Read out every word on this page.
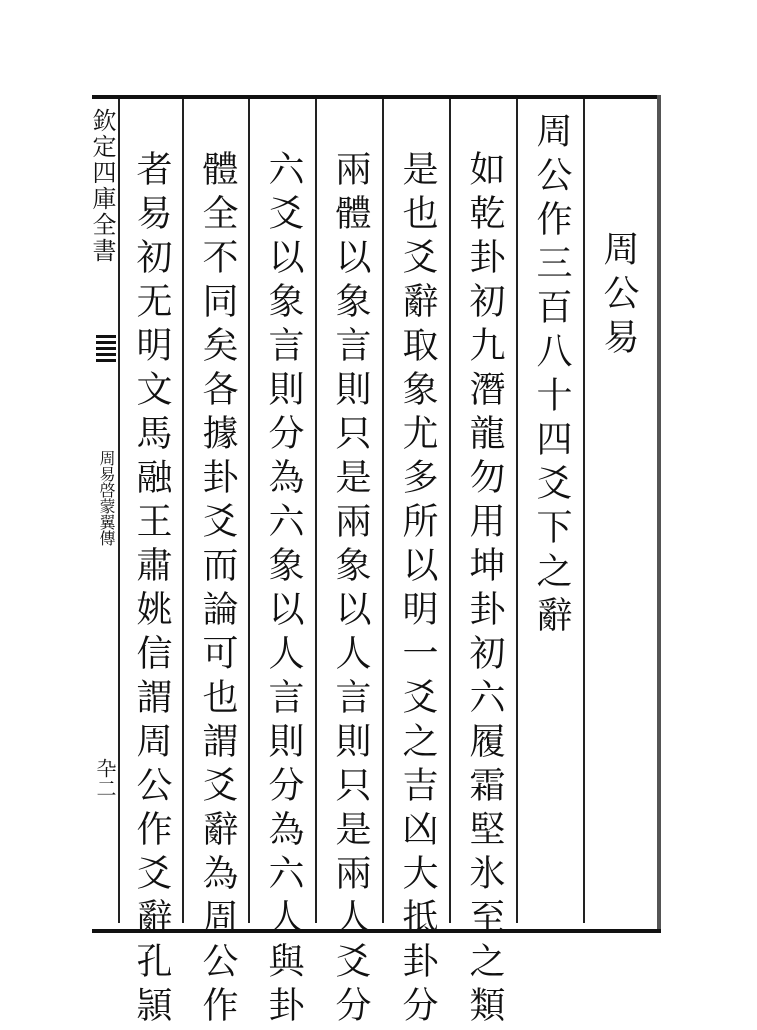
欽定四庫全書
周易啓蒙翼傳
卆二
周公易
周公作三百八十四爻下之辭
如乾卦初九潛龍勿用坤卦初六履霜堅氷至之類
是也爻辭取象尤多所以明一爻之吉凶大抵卦分
兩體以象言則只是兩象以人言則只是兩人爻分
六爻以象言則分為六象以人言則分為六人與卦
體全不同矣各據卦爻而論可也謂爻辭為周公作
者易初无明文馬融王肅姚信謂周公作爻辭孔頴
